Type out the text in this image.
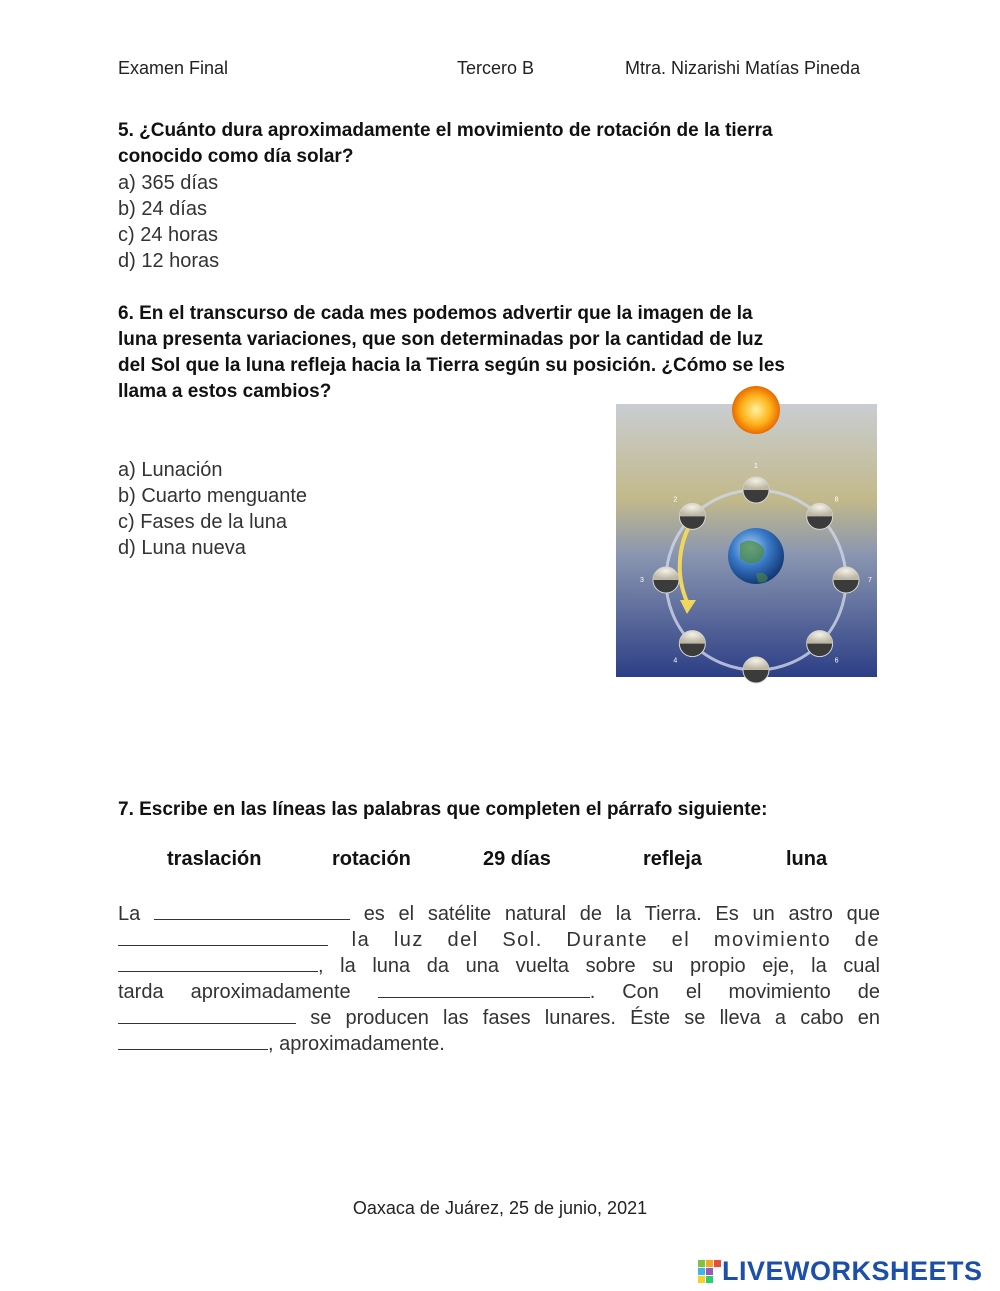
Examen Final	Tercero B	Mtra. Nizarishi Matías Pineda
5. ¿Cuánto dura aproximadamente el movimiento de rotación de la tierra
conocido como día solar?
a) 365 días
b) 24 días
c) 24 horas
d) 12 horas
6. En el transcurso de cada mes podemos advertir que la imagen de la
luna presenta variaciones, que son determinadas por la cantidad de luz
del Sol que la luna refleja hacia la Tierra según su posición. ¿Cómo se les
llama a estos cambios?
a) Lunación
b) Cuarto menguante
c) Fases de la luna
d) Luna nueva
1
2
3
4
5
6
7
8
7. Escribe en las líneas las palabras que completen el párrafo siguiente:
traslación	rotación	29 días	refleja	luna
La	es el satélite natural de la Tierra. Es un astro que
la luz del Sol. Durante el movimiento de
, la luna da una vuelta sobre su propio eje, la cual
tarda aproximadamente	. Con el movimiento de
se producen las fases lunares. Éste se lleva a cabo en
, aproximadamente.
Oaxaca de Juárez, 25 de junio, 2021
LIVEWORKSHEETS
